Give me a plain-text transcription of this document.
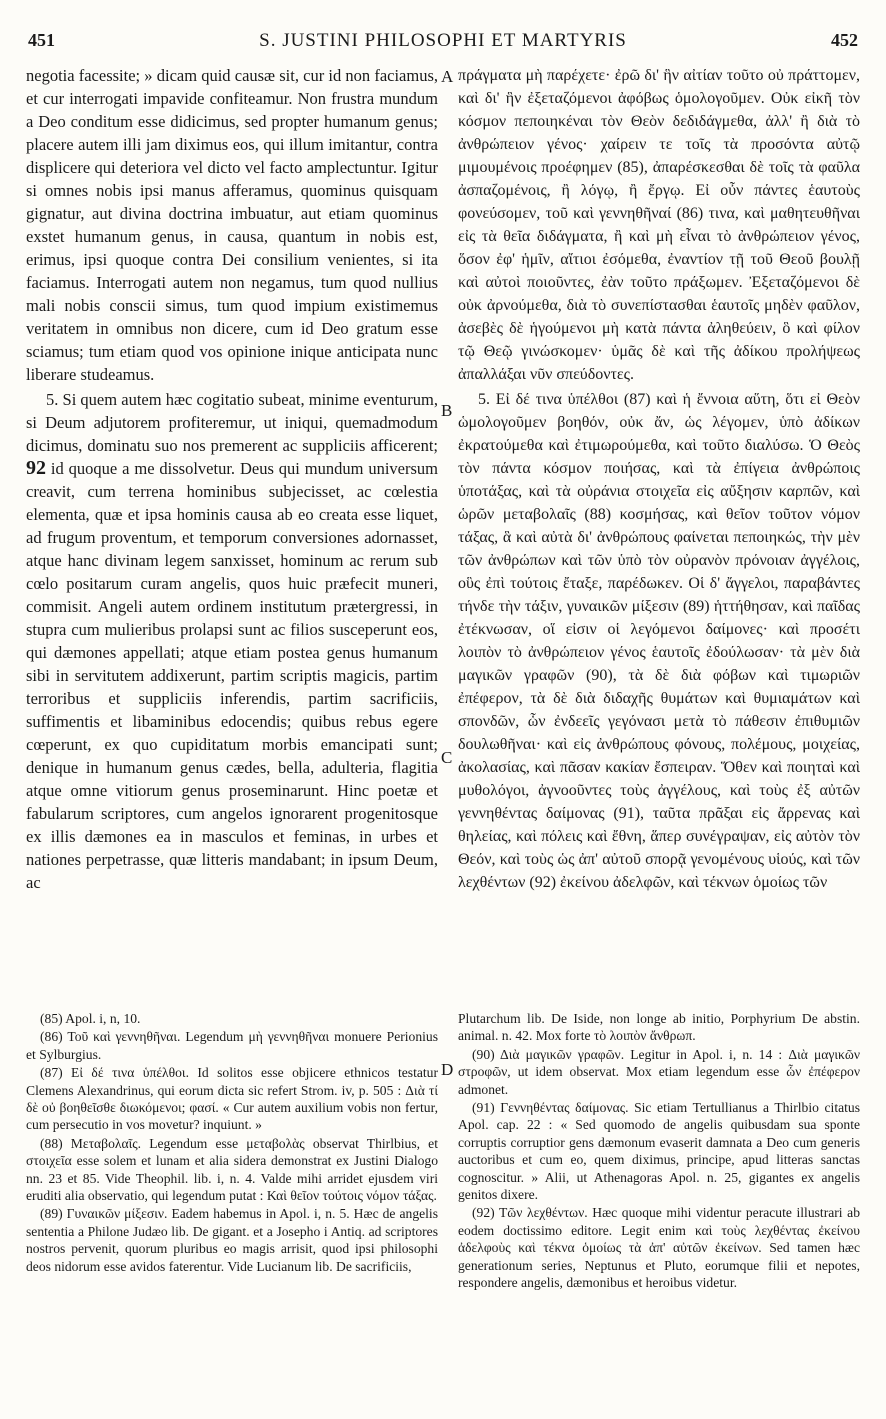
451	S. JUSTINI PHILOSOPHI ET MARTYRIS	452

negotia facessite; » dicam quid causæ sit, cur id non faciamus, et cur interrogati impavide confiteamur. Non frustra mundum a Deo conditum esse didicimus, sed propter humanum genus; placere autem illi jam diximus eos, qui illum imitantur, contra displicere qui deteriora vel dicto vel facto amplectuntur. Igitur si omnes nobis ipsi manus afferamus, quominus quisquam gignatur, aut divina doctrina imbuatur, aut etiam quominus exstet humanum genus, in causa, quantum in nobis est, erimus, ipsi quoque contra Dei consilium venientes, si ita faciamus. Interrogati autem non negamus, tum quod nullius mali nobis conscii simus, tum quod impium existimemus veritatem in omnibus non dicere, cum id Deo gratum esse sciamus; tum etiam quod vos opinione inique anticipata nunc liberare studeamus.

5. Si quem autem hæc cogitatio subeat, minime eventurum, si Deum adjutorem profiteremur, ut iniqui, quemadmodum dicimus, dominatu suo nos premerent ac suppliciis afficerent; 92 id quoque a me dissolvetur. Deus qui mundum universum creavit, cum terrena hominibus subjecisset, ac cœlestia elementa, quæ et ipsa hominis causa ab eo creata esse liquet, ad frugum proventum, et temporum conversiones adornasset, atque hanc divinam legem sanxisset, hominum ac rerum sub cœlo positarum curam angelis, quos huic præfecit muneri, commisit. Angeli autem ordinem institutum prætergressi, in stupra cum mulieribus prolapsi sunt ac filios susceperunt eos, qui dæmones appellati; atque etiam postea genus humanum sibi in servitutem addixerunt, partim scriptis magicis, partim terroribus et suppliciis inferendis, partim sacrificiis, suffimentis et libaminibus edocendis; quibus rebus egere cœperunt, ex quo cupiditatum morbis emancipati sunt; denique in humanum genus cædes, bella, adulteria, flagitia atque omne vitiorum genus proseminarunt. Hinc poetæ et fabularum scriptores, cum angelos ignorarent progenitosque ex illis dæmones ea in masculos et feminas, in urbes et nationes perpetrasse, quæ litteris mandabant; in ipsum Deum, ac

A
B
C
D

πράγματα μὴ παρέχετε· ἐρῶ δι' ἣν αἰτίαν τοῦτο οὐ πράττομεν, καὶ δι' ἣν ἐξεταζόμενοι ἀφόβως ὁμολογοῦμεν. Οὐκ εἰκῆ τὸν κόσμον πεποιηκέναι τὸν Θεὸν δεδιδάγμεθα, ἀλλ' ἢ διὰ τὸ ἀνθρώπειον γένος· χαίρειν τε τοῖς τὰ προσόντα αὐτῷ μιμουμένοις προέφημεν (85), ἀπαρέσκεσθαι δὲ τοῖς τὰ φαῦλα ἀσπαζομένοις, ἢ λόγῳ, ἢ ἔργῳ. Εἰ οὖν πάντες ἑαυτοὺς φονεύσομεν, τοῦ καὶ γεννηθῆναί (86) τινα, καὶ μαθητευθῆναι εἰς τὰ θεῖα διδάγματα, ἢ καὶ μὴ εἶναι τὸ ἀνθρώπειον γένος, ὅσον ἐφ' ἡμῖν, αἴτιοι ἐσόμεθα, ἐναντίον τῇ τοῦ Θεοῦ βουλῇ καὶ αὐτοὶ ποιοῦντες, ἐὰν τοῦτο πράξωμεν. Ἐξεταζόμενοι δὲ οὐκ ἀρνούμεθα, διὰ τὸ συνεπίστασθαι ἑαυτοῖς μηδὲν φαῦλον, ἀσεβὲς δὲ ἡγούμενοι μὴ κατὰ πάντα ἀληθεύειν, ὃ καὶ φίλον τῷ Θεῷ γινώσκομεν· ὑμᾶς δὲ καὶ τῆς ἀδίκου προλήψεως ἀπαλλάξαι νῦν σπεύδοντες.

5. Εἰ δέ τινα ὑπέλθοι (87) καὶ ἡ ἔννοια αὕτη, ὅτι εἰ Θεὸν ὡμολογοῦμεν βοηθόν, οὐκ ἄν, ὡς λέγομεν, ὑπὸ ἀδίκων ἐκρατούμεθα καὶ ἐτιμωρούμεθα, καὶ τοῦτο διαλύσω. Ὁ Θεὸς τὸν πάντα κόσμον ποιήσας, καὶ τὰ ἐπίγεια ἀνθρώποις ὑποτάξας, καὶ τὰ οὐράνια στοιχεῖα εἰς αὔξησιν καρπῶν, καὶ ὡρῶν μεταβολαῖς (88) κοσμήσας, καὶ θεῖον τοῦτον νόμον τάξας, ἃ καὶ αὐτὰ δι' ἀνθρώπους φαίνεται πεποιηκώς, τὴν μὲν τῶν ἀνθρώπων καὶ τῶν ὑπὸ τὸν οὐρανὸν πρόνοιαν ἀγγέλοις, οὓς ἐπὶ τούτοις ἔταξε, παρέδωκεν. Οἱ δ' ἄγγελοι, παραβάντες τήνδε τὴν τάξιν, γυναικῶν μίξεσιν (89) ἡττήθησαν, καὶ παῖδας ἐτέκνωσαν, οἵ εἰσιν οἱ λεγόμενοι δαίμονες· καὶ προσέτι λοιπὸν τὸ ἀνθρώπειον γένος ἑαυτοῖς ἐδούλωσαν· τὰ μὲν διὰ μαγικῶν γραφῶν (90), τὰ δὲ διὰ φόβων καὶ τιμωριῶν ἐπέφερον, τὰ δὲ διὰ διδαχῆς θυμάτων καὶ θυμιαμάτων καὶ σπονδῶν, ὧν ἐνδεεῖς γεγόνασι μετὰ τὸ πάθεσιν ἐπιθυμιῶν δουλωθῆναι· καὶ εἰς ἀνθρώπους φόνους, πολέμους, μοιχείας, ἀκολασίας, καὶ πᾶσαν κακίαν ἔσπειραν. Ὅθεν καὶ ποιηταὶ καὶ μυθολόγοι, ἀγνοοῦντες τοὺς ἀγγέλους, καὶ τοὺς ἐξ αὐτῶν γεννηθέντας δαίμονας (91), ταῦτα πρᾶξαι εἰς ἄρρενας καὶ θηλείας, καὶ πόλεις καὶ ἔθνη, ἅπερ συνέγραψαν, εἰς αὐτὸν τὸν Θεόν, καὶ τοὺς ὡς ἀπ' αὐτοῦ σπορᾷ γενομένους υἱούς, καὶ τῶν λεχθέντων (92) ἐκείνου ἀδελφῶν, καὶ τέκνων ὁμοίως τῶν

(85) Apol. i, n, 10.

(86) Τοῦ καὶ γεννηθῆναι. Legendum μὴ γεννηθῆναι monuere Perionius et Sylburgius.

(87) Εἰ δέ τινα ὑπέλθοι. Id solitos esse objicere ethnicos testatur Clemens Alexandrinus, qui eorum dicta sic refert Strom. iv, p. 505 : Διὰ τί δὲ οὐ βοηθεῖσθε διωκόμενοι; φασί. « Cur autem auxilium vobis non fertur, cum persecutio in vos movetur? inquiunt. »

(88) Μεταβολαῖς. Legendum esse μεταβολὰς observat Thirlbius, et στοιχεῖα esse solem et lunam et alia sidera demonstrat ex Justini Dialogo nn. 23 et 85. Vide Theophil. lib. i, n. 4. Valde mihi arridet ejusdem viri eruditi alia observatio, qui legendum putat : Καὶ θεῖον τούτοις νόμον τάξας.

(89) Γυναικῶν μίξεσιν. Eadem habemus in Apol. i, n. 5. Hæc de angelis sententia a Philone Judæo lib. De gigant. et a Josepho i Antiq. ad scriptores nostros pervenit, quorum pluribus eo magis arrisit, quod ipsi philosophi deos nidorum esse avidos faterentur. Vide Lucianum lib. De sacrificiis,

Plutarchum lib. De Iside, non longe ab initio, Porphyrium De abstin. animal. n. 42. Mox forte τὸ λοιπὸν ἄνθρωπ.

(90) Διὰ μαγικῶν γραφῶν. Legitur in Apol. i, n. 14 : Διὰ μαγικῶν στροφῶν, ut idem observat. Mox etiam legendum esse ὧν ἐπέφερον admonet.

(91) Γεννηθέντας δαίμονας. Sic etiam Tertullianus a Thirlbio citatus Apol. cap. 22 : « Sed quomodo de angelis quibusdam sua sponte corruptis corruptior gens dæmonum evaserit damnata a Deo cum generis auctoribus et cum eo, quem diximus, principe, apud litteras sanctas cognoscitur. » Alii, ut Athenagoras Apol. n. 25, gigantes ex angelis genitos dixere.

(92) Τῶν λεχθέντων. Hæc quoque mihi videntur peracute illustrari ab eodem doctissimo editore. Legit enim καὶ τοὺς λεχθέντας ἐκείνου ἀδελφοὺς καὶ τέκνα ὁμοίως τὰ ἀπ' αὐτῶν ἐκείνων. Sed tamen hæc generationum series, Neptunus et Pluto, eorumque filii et nepotes, respondere angelis, dæmonibus et heroibus videtur.
